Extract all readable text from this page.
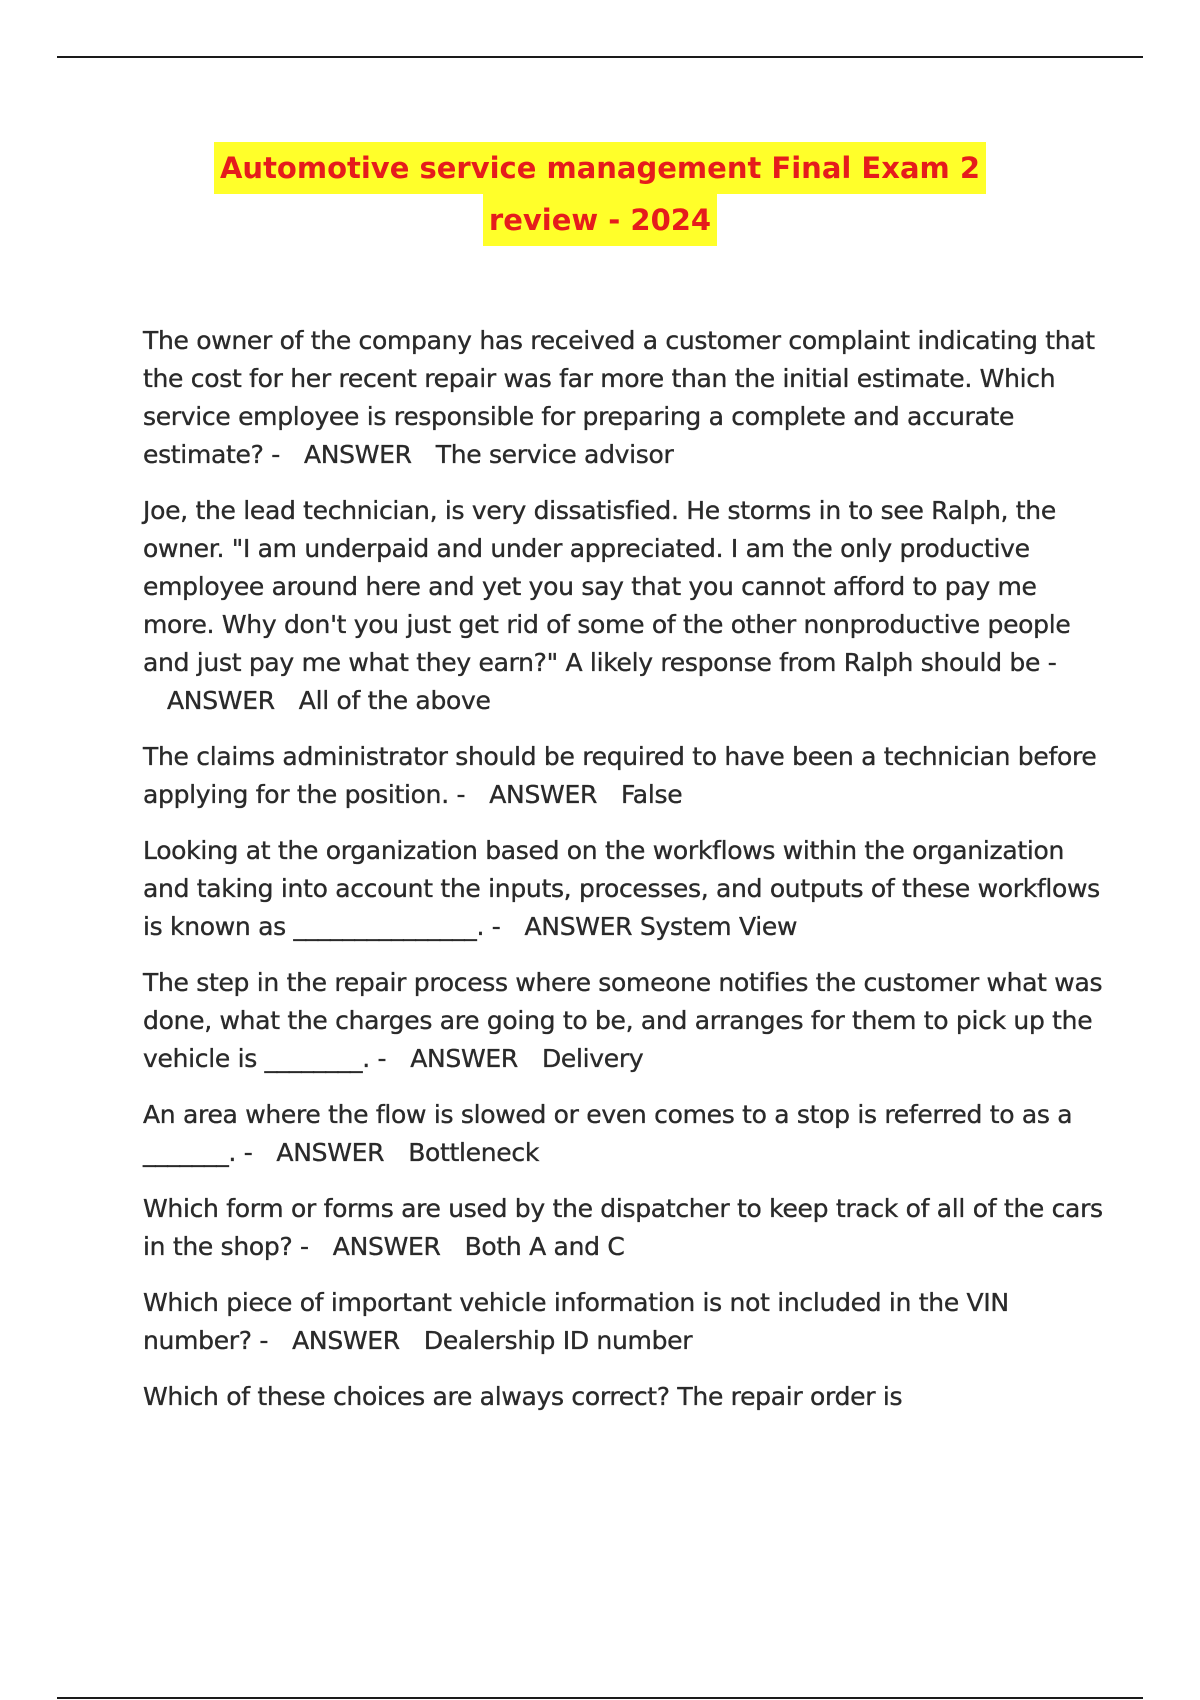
Automotive service management Final Exam 2
review - 2024

The owner of the company has received a customer complaint indicating that the cost for her recent repair was far more than the initial estimate. Which service employee is responsible for preparing a complete and accurate estimate? - ANSWER The service advisor

Joe, the lead technician, is very dissatisfied. He storms in to see Ralph, the owner. "I am underpaid and under appreciated. I am the only productive employee around here and yet you say that you cannot afford to pay me more. Why don't you just get rid of some of the other nonproductive people and just pay me what they earn?" A likely response from Ralph should be -ANSWER All of the above

The claims administrator should be required to have been a technician before applying for the position. - ANSWER False

Looking at the organization based on the workflows within the organization and taking into account the inputs, processes, and outputs of these workflows is known as _______________. - ANSWER System View

The step in the repair process where someone notifies the customer what was done, what the charges are going to be, and arranges for them to pick up the vehicle is ________. - ANSWER Delivery

An area where the flow is slowed or even comes to a stop is referred to as a _______. - ANSWER Bottleneck

Which form or forms are used by the dispatcher to keep track of all of the cars in the shop? - ANSWER Both A and C

Which piece of important vehicle information is not included in the VIN number? - ANSWER Dealership ID number

Which of these choices are always correct? The repair order is
